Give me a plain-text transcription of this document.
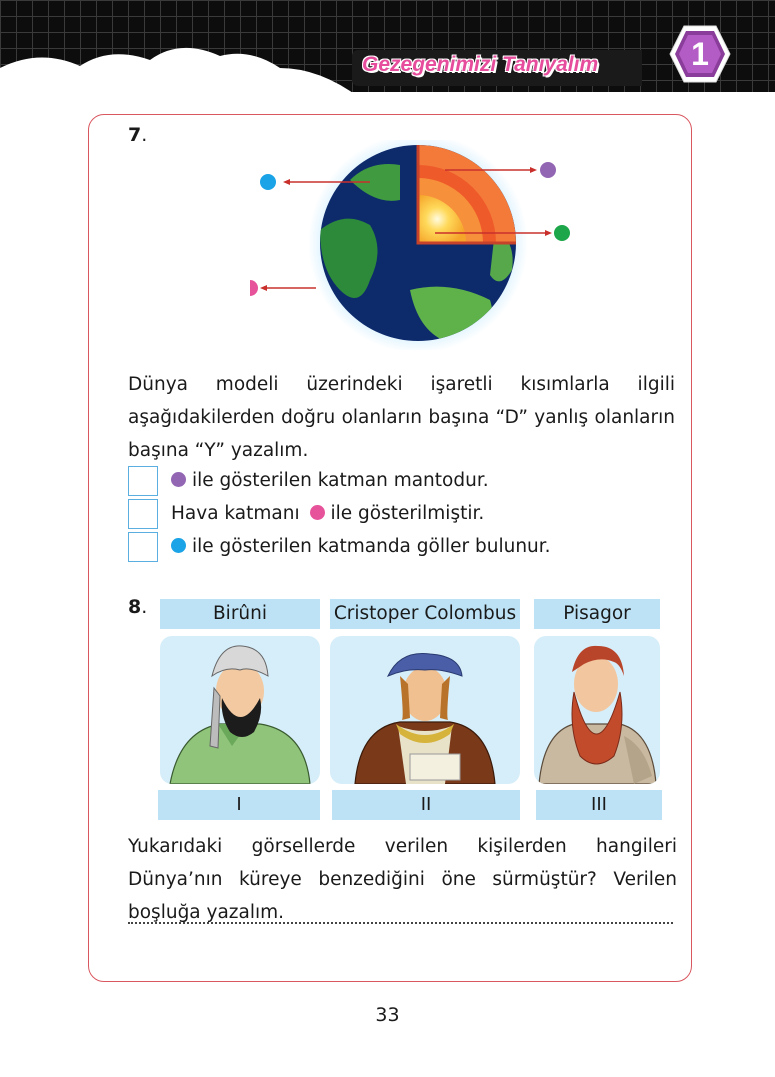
Gezegenimizi Tanıyalım	1
7.
Dünya modeli üzerindeki işaretli kısımlarla ilgili aşağıdakilerden doğru olanların başına “D” yanlış olanların başına “Y” yazalım.
ile gösterilen katman mantodur.
Hava katmanı ile gösterilmiştir.
ile gösterilen katmanda göller bulunur.
8.	Birûni	Cristoper Colombus	Pisagor
I	II	III
Yukarıdaki görsellerde verilen kişilerden hangileri Dünya’nın küreye benzediğini öne sürmüştür? Verilen boşluğa yazalım.
33
